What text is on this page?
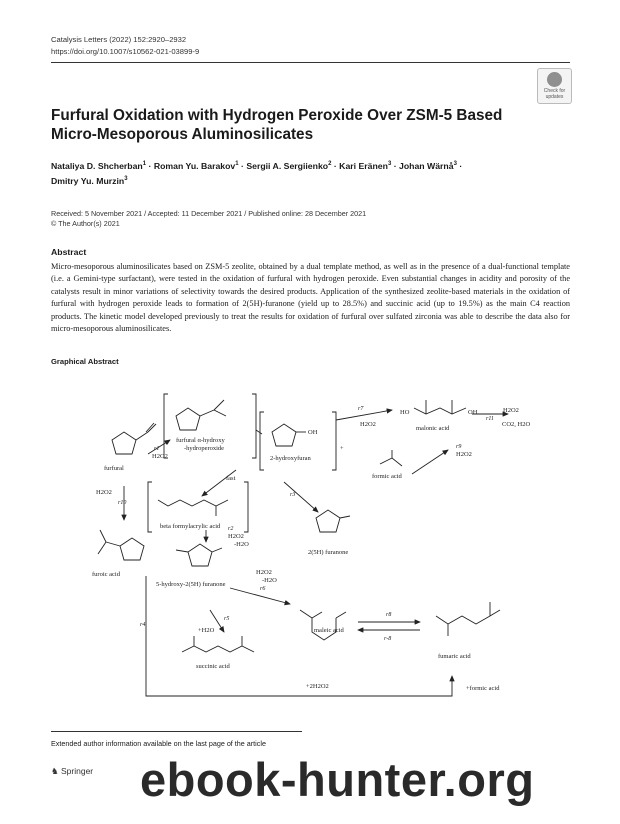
Catalysis Letters (2022) 152:2920–2932
https://doi.org/10.1007/s10562-021-03899-9
Check for
updates
Furfural Oxidation with Hydrogen Peroxide Over ZSM-5 Based
Micro-Mesoporous Aluminosilicates
Nataliya D. Shcherban$^1$ · Roman Yu. Barakov$^1$ · Sergii A. Sergiienko$^2$ · Kari Eränen$^3$ · Johan Wärnå$^3$ ·
Dmitry Yu. Murzin$^3$
Received: 5 November 2021 / Accepted: 11 December 2021 / Published online: 28 December 2021
© The Author(s) 2021
Abstract
Micro-mesoporous aluminosilicates based on ZSM-5 zeolite, obtained by a dual template method, as well as in the presence of a dual-functional template (i.e. a Gemini-type surfactant), were tested in the oxidation of furfural with hydrogen peroxide. Even substantial changes in acidity and porosity of the catalysts result in minor variations of selectivity towards the desired products. Application of the synthesized zeolite-based materials in the oxidation of furfural with hydrogen peroxide leads to formation of 2(5H)-furanone (yield up to 28.5%) and succinic acid (up to 19.5%) as the main C4 reaction products. The kinetic model developed previously to treat the results for oxidation of furfural over sulfated zirconia was able to describe the data also for micro-mesoporous aluminosilicates.
Graphical Abstract
furfural
furfural α-hydroxy
-hydroperoxide
2-hydroxyfuran
OH
malonic acid
HO	OH
CO2, H2O
H2O2
H2O2
formic acid
+
H2O2
H2O2
fast
beta formylacrylic acid
H2O2
furoic acid
5-hydroxy-2(5H) furanone
2(5H) furanone
H2O2
-H2O
H2O2
-H2O
+H2O	maleic acid
fumaric acid
succinic acid
+2H2O2	+formic acid
r1
r2
r3
r4
r5
r6
r7
r8
r9
r10
r11
r-8
Extended author information available on the last page of the article
♞ Springer ebook-hunter.org
